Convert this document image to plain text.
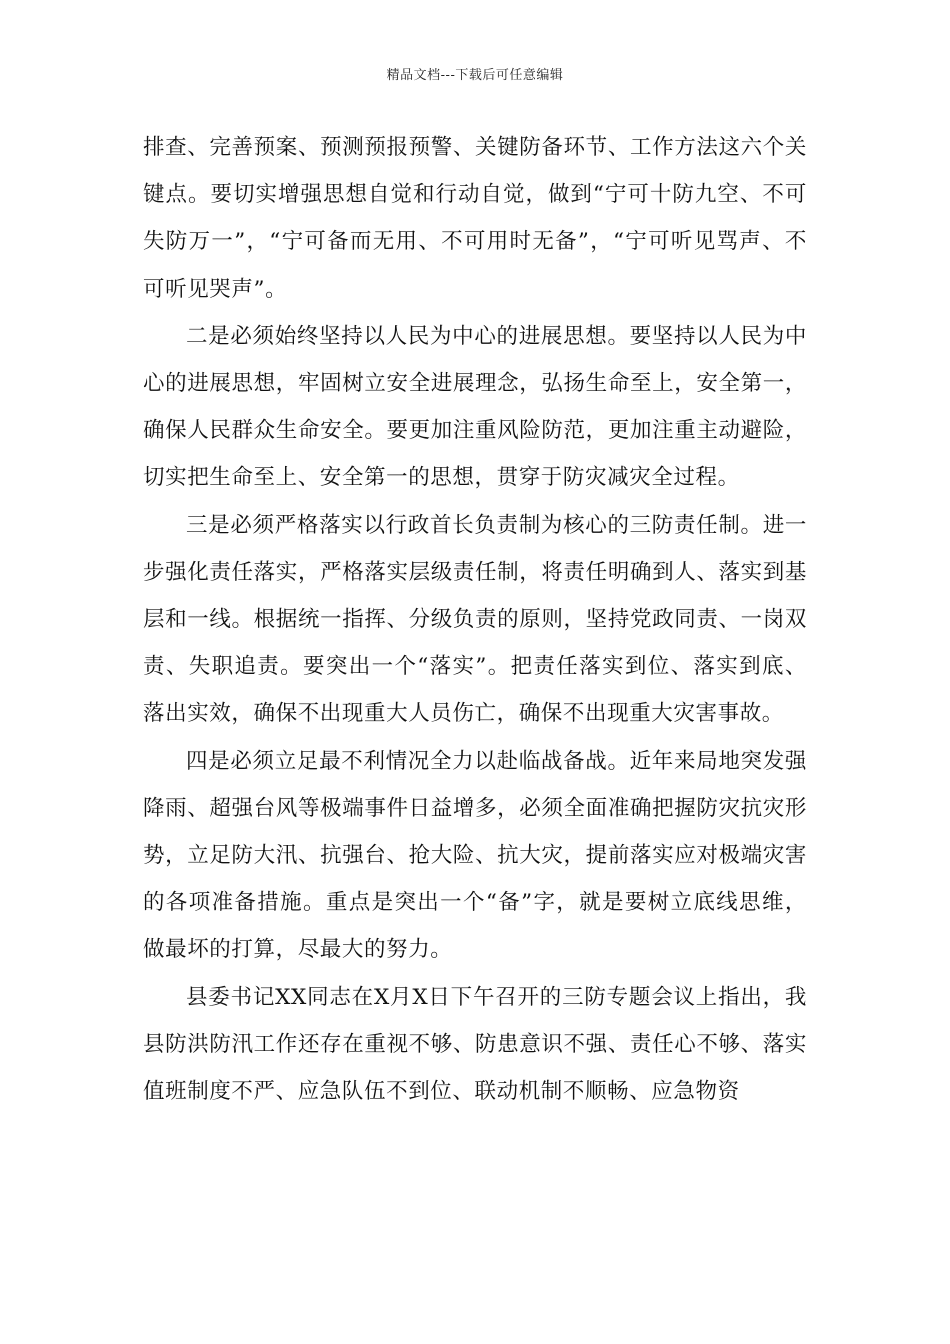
精品文档---下载后可任意编辑

排查、完善预案、预测预报预警、关键防备环节、工作方法这六个关键点。要切实增强思想自觉和行动自觉，做到“宁可十防九空、不可失防万一”，“宁可备而无用、不可用时无备”，“宁可听见骂声、不可听见哭声”。

二是必须始终坚持以人民为中心的进展思想。要坚持以人民为中心的进展思想，牢固树立安全进展理念，弘扬生命至上，安全第一，确保人民群众生命安全。要更加注重风险防范，更加注重主动避险，切实把生命至上、安全第一的思想，贯穿于防灾减灾全过程。

三是必须严格落实以行政首长负责制为核心的三防责任制。进一步强化责任落实，严格落实层级责任制，将责任明确到人、落实到基层和一线。根据统一指挥、分级负责的原则，坚持党政同责、一岗双责、失职追责。要突出一个“落实”。把责任落实到位、落实到底、落出实效，确保不出现重大人员伤亡，确保不出现重大灾害事故。

四是必须立足最不利情况全力以赴临战备战。近年来局地突发强降雨、超强台风等极端事件日益增多，必须全面准确把握防灾抗灾形势，立足防大汛、抗强台、抢大险、抗大灾，提前落实应对极端灾害的各项准备措施。重点是突出一个“备”字，就是要树立底线思维，做最坏的打算，尽最大的努力。

县委书记XX同志在X月X日下午召开的三防专题会议上指出，我县防洪防汛工作还存在重视不够、防患意识不强、责任心不够、落实值班制度不严、应急队伍不到位、联动机制不顺畅、应急物资
